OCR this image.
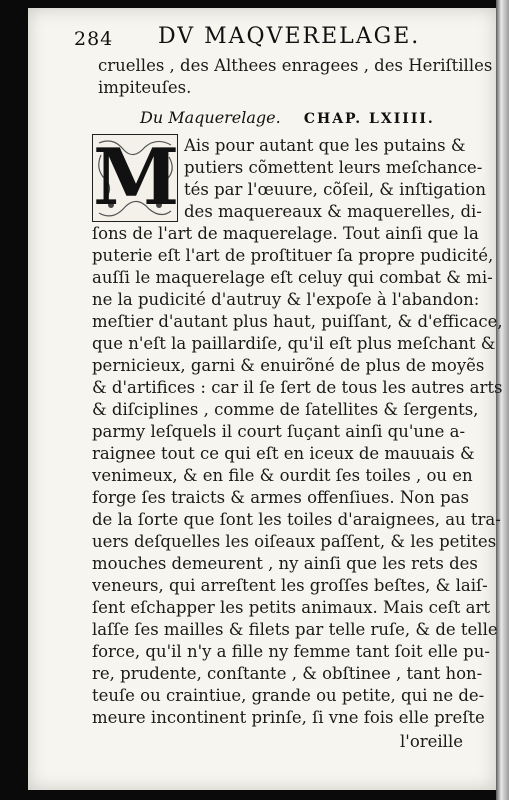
284 DV MAQVERELAGE.
cruelles , des Althees enragees , des Heriſtilles
impiteuſes.
Du Maquerelage. CHAP. LXIIII.
M Ais pour autant que les putains &
putiers cõmettent leurs meſchance-
tés par l'œuure, cõſeil, & inſtigation
des maquereaux & maquerelles, di-
ſons de l'art de maquerelage. Tout ainſi que la
puterie eſt l'art de proſtituer ſa propre pudicité,
auſſi le maquerelage eſt celuy qui combat & mi-
ne la pudicité d'autruy & l'expoſe à l'abandon:
meſtier d'autant plus haut, puiſſant, & d'efficace,
que n'eſt la paillardiſe, qu'il eſt plus meſchant &
pernicieux, garni & enuirõné de plus de moyẽs
& d'artifices : car il ſe ſert de tous les autres arts
& diſciplines , comme de ſatellites & ſergents,
parmy leſquels il court ſuçant ainſi qu'une a-
raignee tout ce qui eſt en iceux de mauuais &
venimeux, & en file & ourdit ſes toiles , ou en
forge ſes traicts & armes offenſiues. Non pas
de la ſorte que ſont les toiles d'araignees, au tra-
uers deſquelles les oiſeaux paſſent, & les petites
mouches demeurent , ny ainſi que les rets des
veneurs, qui arreſtent les groſſes beſtes, & laiſ-
ſent eſchapper les petits animaux. Mais ceſt art
laſſe ſes mailles & filets par telle ruſe, & de telle
force, qu'il n'y a fille ny femme tant ſoit elle pu-
re, prudente, conſtante , & obſtinee , tant hon-
teuſe ou craintiue, grande ou petite, qui ne de-
meure incontinent prinſe, ſi vne fois elle preſte
l'oreille
